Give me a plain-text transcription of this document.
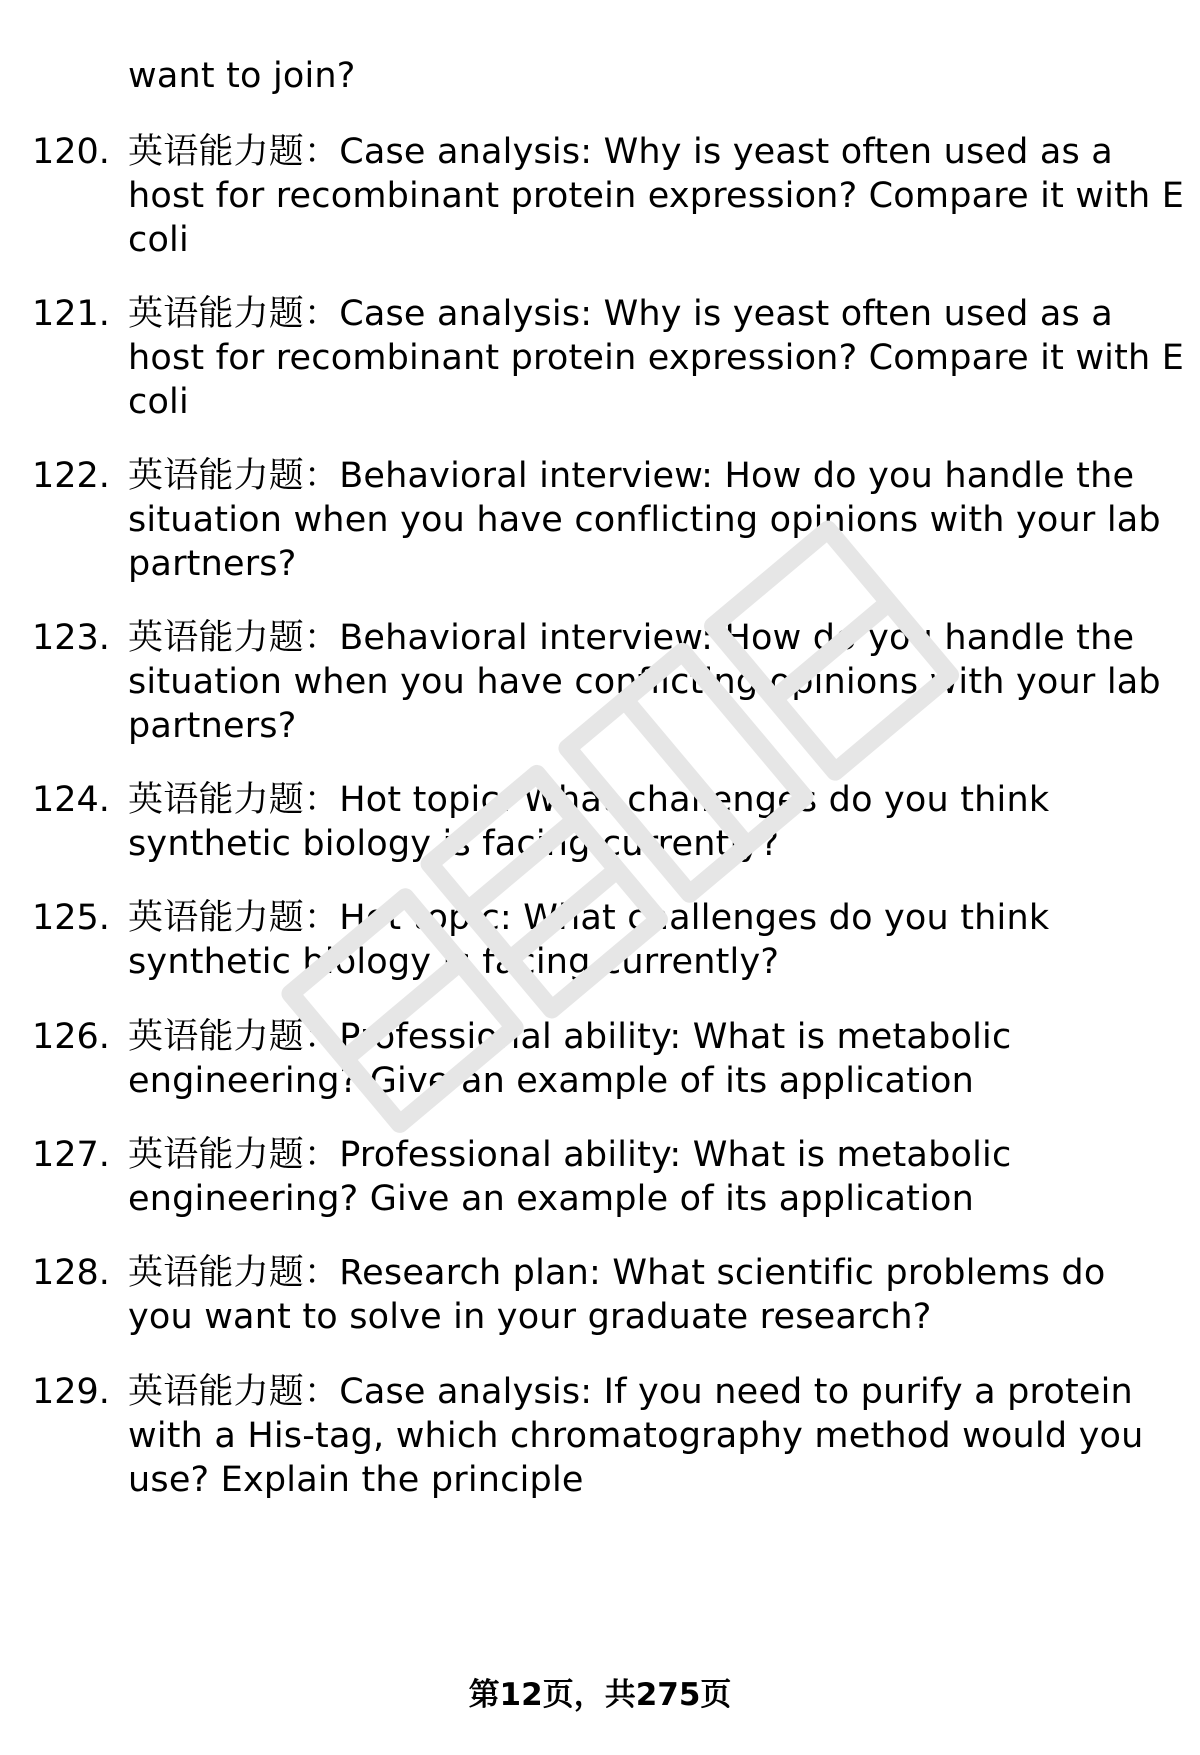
want to join?
120. 英语能力题：Case analysis: Why is yeast often used as a
host for recombinant protein expression? Compare it with E
coli
121. 英语能力题：Case analysis: Why is yeast often used as a
host for recombinant protein expression? Compare it with E
coli
122. 英语能力题：Behavioral interview: How do you handle the
situation when you have conflicting opinions with your lab
partners?
123. 英语能力题：Behavioral interview: How do you handle the
situation when you have conflicting opinions with your lab
partners?
124. 英语能力题：Hot topic: What challenges do you think
synthetic biology is facing currently?
125. 英语能力题：Hot topic: What challenges do you think
synthetic biology is facing currently?
126. 英语能力题：Professional ability: What is metabolic
engineering? Give an example of its application
127. 英语能力题：Professional ability: What is metabolic
engineering? Give an example of its application
128. 英语能力题：Research plan: What scientific problems do
you want to solve in your graduate research?
129. 英语能力题：Case analysis: If you need to purify a protein
with a His-tag, which chromatography method would you
use? Explain the principle
第12页，共275页
